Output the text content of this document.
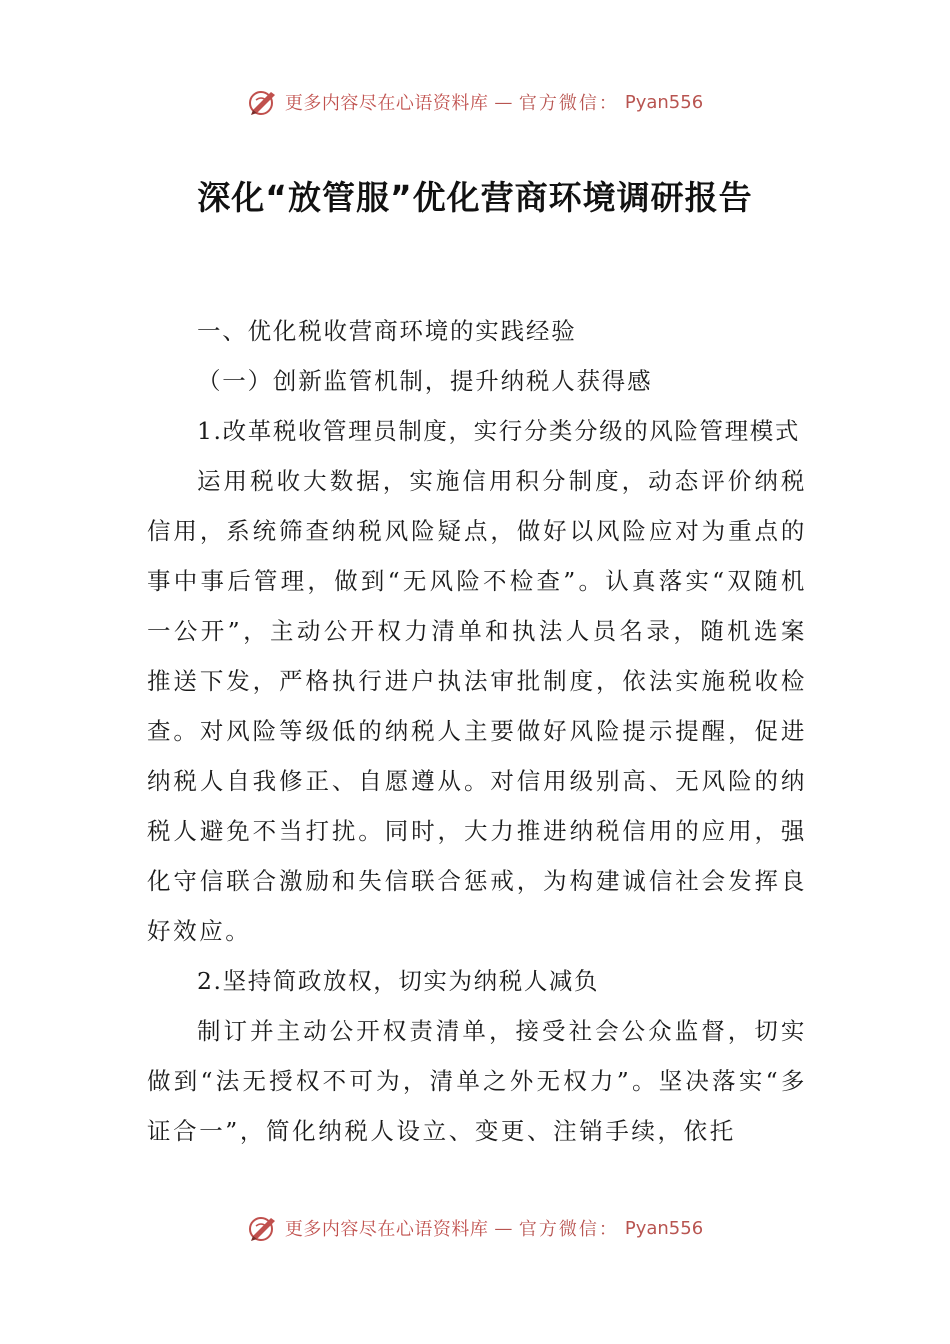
更多内容尽在心语资料库 — 官方微信： Pyan556
深化“放管服”优化营商环境调研报告

一、优化税收营商环境的实践经验

（一）创新监管机制，提升纳税人获得感

1.改革税收管理员制度，实行分类分级的风险管理模式

运用税收大数据，实施信用积分制度，动态评价纳税信用，系统筛查纳税风险疑点，做好以风险应对为重点的事中事后管理，做到“无风险不检查”。认真落实“双随机一公开”，主动公开权力清单和执法人员名录，随机选案推送下发，严格执行进户执法审批制度，依法实施税收检查。对风险等级低的纳税人主要做好风险提示提醒，促进纳税人自我修正、自愿遵从。对信用级别高、无风险的纳税人避免不当打扰。同时，大力推进纳税信用的应用，强化守信联合激励和失信联合惩戒，为构建诚信社会发挥良好效应。

2.坚持简政放权，切实为纳税人减负

制订并主动公开权责清单，接受社会公众监督，切实做到“法无授权不可为，清单之外无权力”。坚决落实“多证合一”，简化纳税人设立、变更、注销手续，依托

更多内容尽在心语资料库 — 官方微信： Pyan556
